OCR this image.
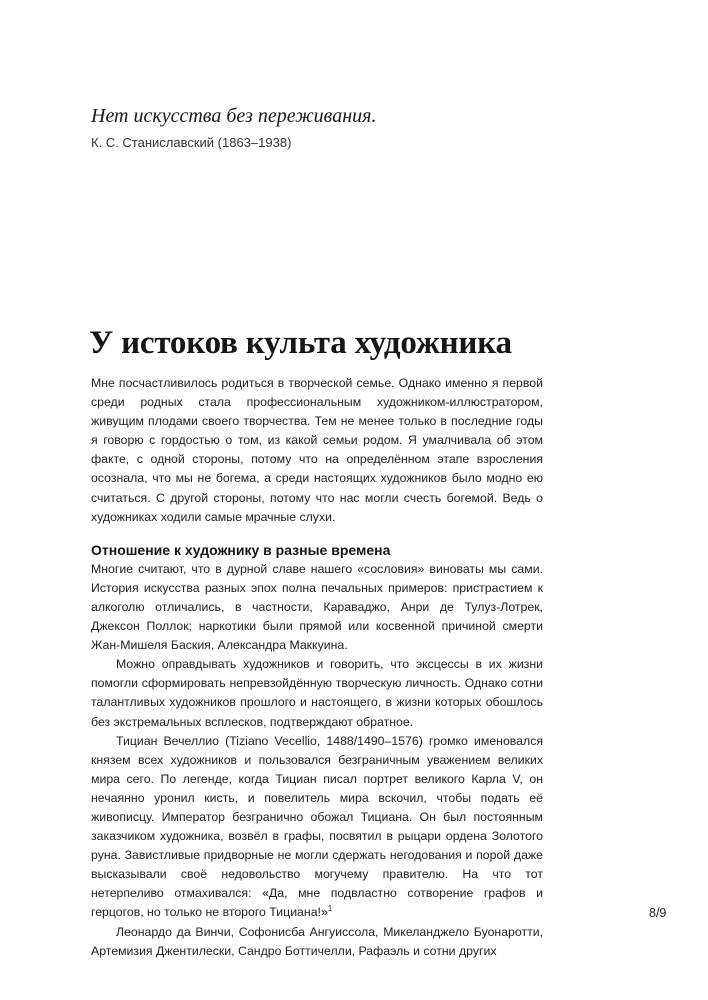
Нет искусства без переживания.
К. С. Станиславский (1863–1938)
У истоков культа художника

Мне посчастливилось родиться в творческой семье. Однако именно я первой среди родных стала профессиональным художником-иллюстратором, живущим плодами своего творчества. Тем не менее только в последние годы я говорю с гордостью о том, из какой семьи родом. Я умалчивала об этом факте, с одной стороны, потому что на определённом этапе взросления осознала, что мы не богема, а среди настоящих художников было модно ею считаться. С другой стороны, потому что нас могли счесть богемой. Ведь о художниках ходили самые мрачные слухи.

Отношение к художнику в разные времена

Многие считают, что в дурной славе нашего «сословия» виноваты мы сами. История искусства разных эпох полна печальных примеров: пристрастием к алкоголю отличались, в частности, Караваджо, Анри де Тулуз-Лотрек, Джексон Поллок; наркотики были прямой или косвенной причиной смерти Жан-Мишеля Баския, Александра Маккуина.

Можно оправдывать художников и говорить, что эксцессы в их жизни помогли сформировать непревзойдённую творческую личность. Однако сотни талантливых художников прошлого и настоящего, в жизни которых обошлось без экстремальных всплесков, подтверждают обратное.

Тициан Вечеллио (Tiziano Vecellio, 1488/1490–1576) громко именовался князем всех художников и пользовался безграничным уважением великих мира сего. По легенде, когда Тициан писал портрет великого Карла V, он нечаянно уронил кисть, и повелитель мира вскочил, чтобы подать её живописцу. Император безгранично обожал Тициана. Он был постоянным заказчиком художника, возвёл в графы, посвятил в рыцари ордена Золотого руна. Завистливые придворные не могли сдержать негодования и порой даже высказывали своё недовольство могучему правителю. На что тот нетерпеливо отмахивался: «Да, мне подвластно сотворение графов и герцогов, но только не второго Тициана!»$^1$

Леонардо да Винчи, Софонисба Ангуиссола, Микеланджело Буонаротти, Артемизия Джентилески, Сандро Боттичелли, Рафаэль и сотни других

8/9
